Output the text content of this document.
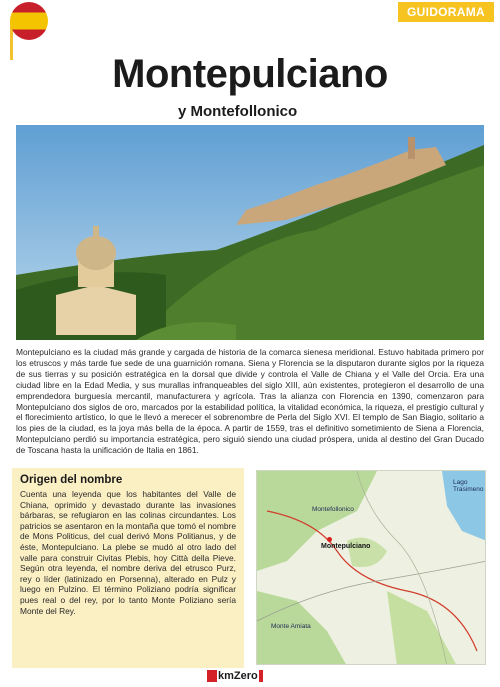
GUIDORAMA
Montepulciano
y Montefollonico

Montepulciano es la ciudad más grande y cargada de historia de la comarca sienesa meridional. Estuvo habitada primero por los etruscos y más tarde fue sede de una guarnición romana. Siena y Florencia se la disputaron durante siglos por la riqueza de sus tierras y su posición estratégica en la dorsal que divide y controla el Valle de Chiana y el Valle del Orcia. Era una ciudad libre en la Edad Media, y sus murallas infranqueables del siglo XIII, aún existentes, protegieron el desarrollo de una emprendedora burguesía mercantil, manufacturera y agrícola. Tras la alianza con Florencia en 1390, comenzaron para Montepulciano dos siglos de oro, marcados por la estabilidad política, la vitalidad económica, la riqueza, el prestigio cultural y el florecimiento artístico, lo que le llevó a merecer el sobrenombre de Perla del Siglo XVI. El templo de San Biagio, solitario a los pies de la ciudad, es la joya más bella de la época. A partir de 1559, tras el definitivo sometimiento de Siena a Florencia, Montepulciano perdió su importancia estratégica, pero siguió siendo una ciudad próspera, unida al destino del Gran Ducado de Toscana hasta la unificación de Italia en 1861.

Origen del nombre

Cuenta una leyenda que los habitantes del Valle de Chiana, oprimido y devastado durante las invasiones bárbaras, se refugiaron en las colinas circundantes. Los patricios se asentaron en la montaña que tomó el nombre de Mons Politicus, del cual derivó Mons Politianus, y de éste, Montepulciano. La plebe se mudó al otro lado del valle para construir Civitas Plebis, hoy Città della Pieve. Según otra leyenda, el nombre deriva del etrusco Purz, rey o líder (latinizado en Porsenna), alterado en Pulz y luego en Pulzino. El término Poliziano podría significar pues real o del rey, por lo tanto Monte Poliziano sería Monte del Rey.

Lago Trasimeno
Montefollonico
Montepulciano
Monte Amiata
kmZero
